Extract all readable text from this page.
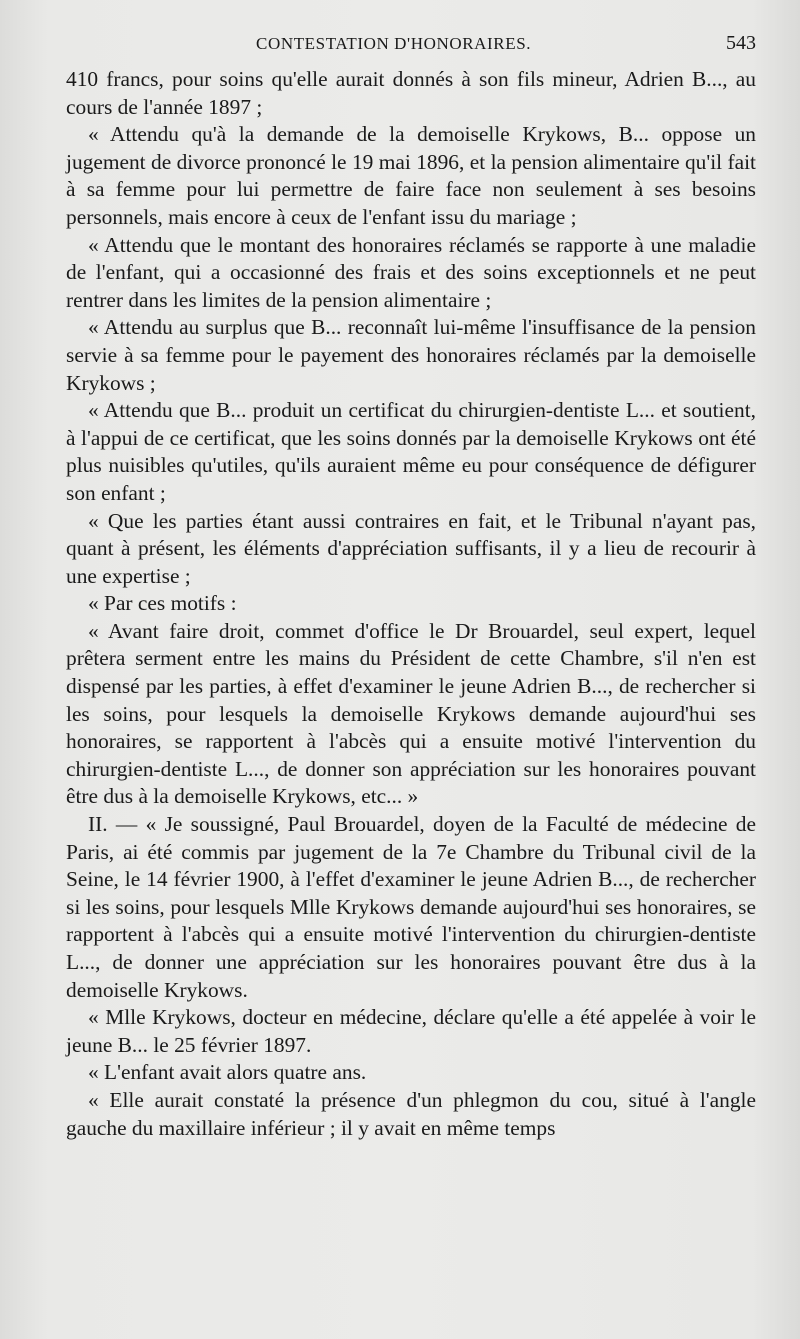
CONTESTATION D'HONORAIRES.	543

410 francs, pour soins qu'elle aurait donnés à son fils mineur, Adrien B..., au cours de l'année 1897 ;

« Attendu qu'à la demande de la demoiselle Krykows, B... oppose un jugement de divorce prononcé le 19 mai 1896, et la pension alimentaire qu'il fait à sa femme pour lui permettre de faire face non seulement à ses besoins personnels, mais encore à ceux de l'enfant issu du mariage ;

« Attendu que le montant des honoraires réclamés se rapporte à une maladie de l'enfant, qui a occasionné des frais et des soins exceptionnels et ne peut rentrer dans les limites de la pension alimentaire ;

« Attendu au surplus que B... reconnaît lui-même l'insuffisance de la pension servie à sa femme pour le payement des honoraires réclamés par la demoiselle Krykows ;

« Attendu que B... produit un certificat du chirurgien-dentiste L... et soutient, à l'appui de ce certificat, que les soins donnés par la demoiselle Krykows ont été plus nuisibles qu'utiles, qu'ils auraient même eu pour conséquence de défigurer son enfant ;

« Que les parties étant aussi contraires en fait, et le Tribunal n'ayant pas, quant à présent, les éléments d'appréciation suffisants, il y a lieu de recourir à une expertise ;

« Par ces motifs :

« Avant faire droit, commet d'office le Dr Brouardel, seul expert, lequel prêtera serment entre les mains du Président de cette Chambre, s'il n'en est dispensé par les parties, à effet d'examiner le jeune Adrien B..., de rechercher si les soins, pour lesquels la demoiselle Krykows demande aujourd'hui ses honoraires, se rapportent à l'abcès qui a ensuite motivé l'intervention du chirurgien-dentiste L..., de donner son appréciation sur les honoraires pouvant être dus à la demoiselle Krykows, etc... »

II. — « Je soussigné, Paul Brouardel, doyen de la Faculté de médecine de Paris, ai été commis par jugement de la 7e Chambre du Tribunal civil de la Seine, le 14 février 1900, à l'effet d'examiner le jeune Adrien B..., de rechercher si les soins, pour lesquels Mlle Krykows demande aujourd'hui ses honoraires, se rapportent à l'abcès qui a ensuite motivé l'intervention du chirurgien-dentiste L..., de donner une appréciation sur les honoraires pouvant être dus à la demoiselle Krykows.

« Mlle Krykows, docteur en médecine, déclare qu'elle a été appelée à voir le jeune B... le 25 février 1897.

« L'enfant avait alors quatre ans.

« Elle aurait constaté la présence d'un phlegmon du cou, situé à l'angle gauche du maxillaire inférieur ; il y avait en même temps
